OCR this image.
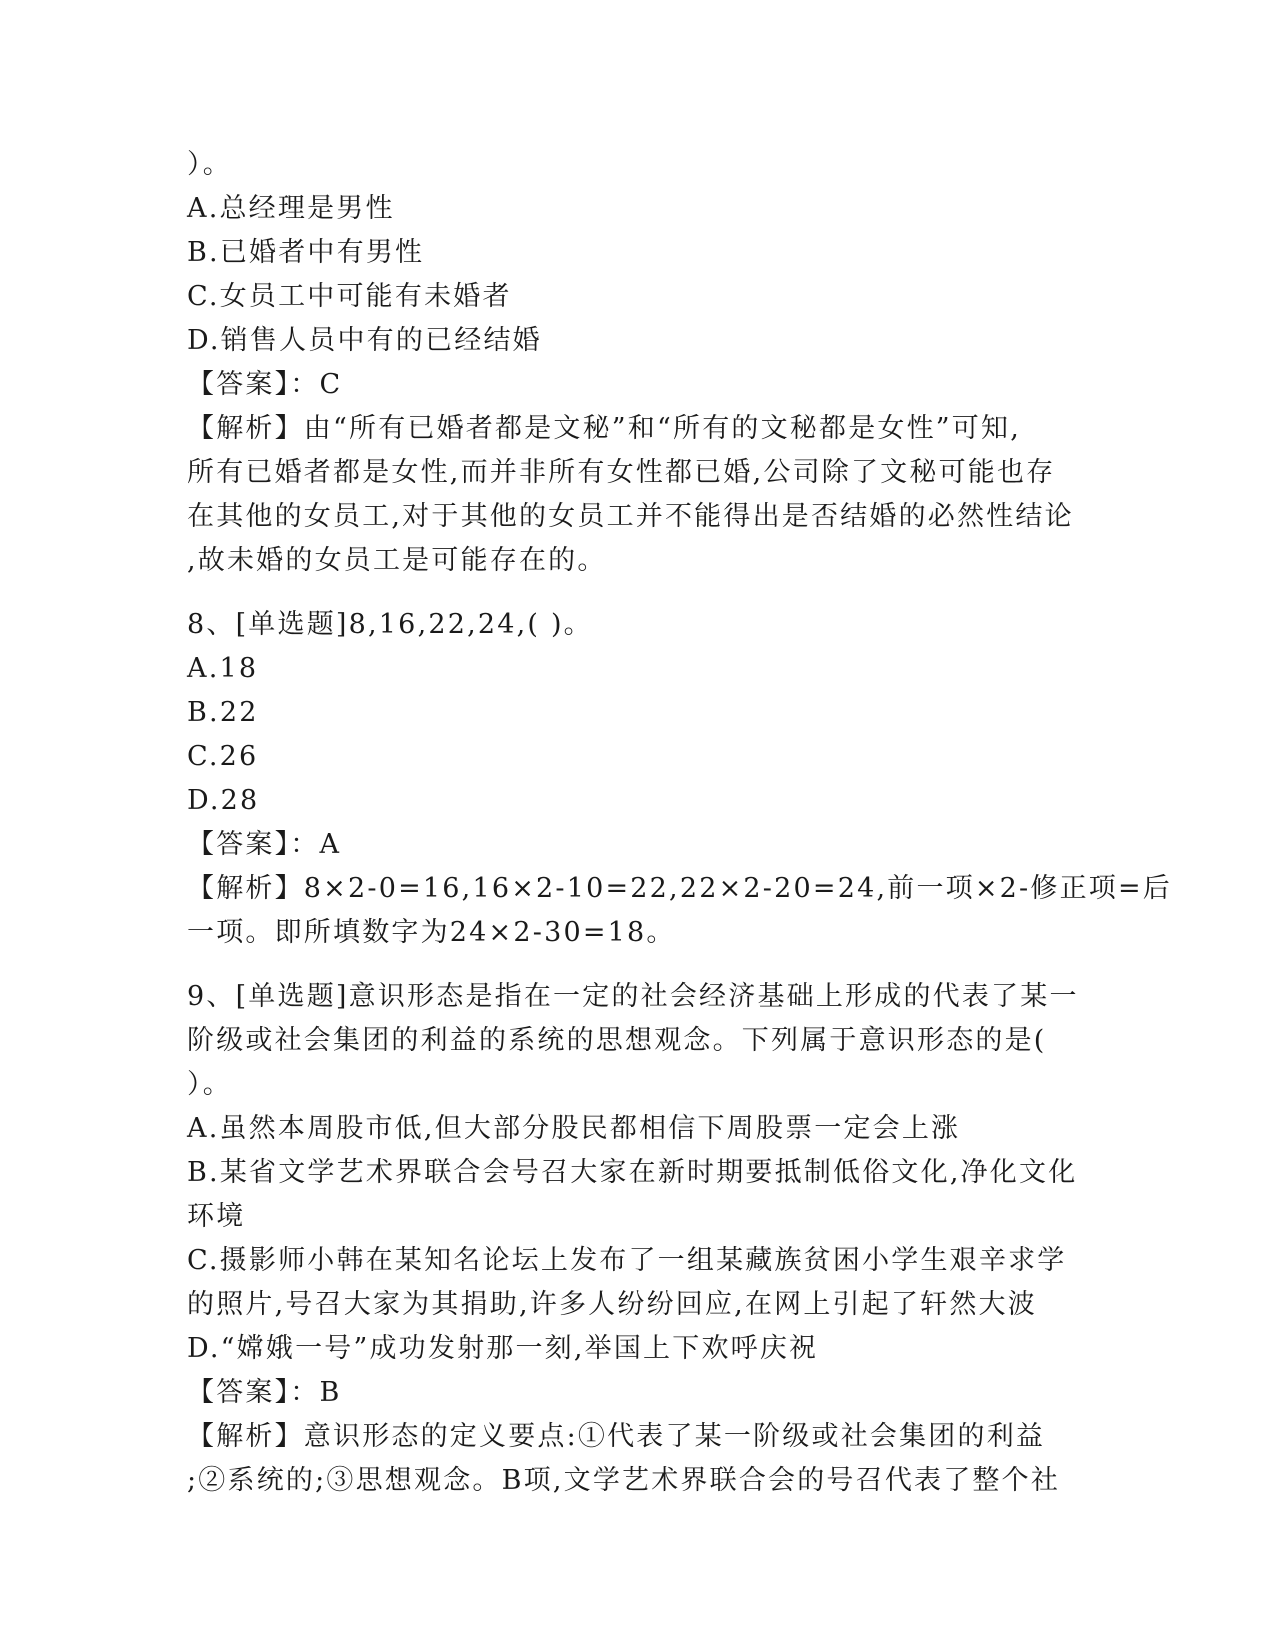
）。
A.总经理是男性
B.已婚者中有男性
C.女员工中可能有未婚者
D.销售人员中有的已经结婚
【答案】：C
【解析】由“所有已婚者都是文秘”和“所有的文秘都是女性”可知,
所有已婚者都是女性,而并非所有女性都已婚,公司除了文秘可能也存
在其他的女员工,对于其他的女员工并不能得出是否结婚的必然性结论
,故未婚的女员工是可能存在的。
8、[单选题]8,16,22,24,( )。
A.18
B.22
C.26
D.28
【答案】：A
【解析】8×2-0=16,16×2-10=22,22×2-20=24,前一项×2-修正项=后
一项。即所填数字为24×2-30=18。
9、[单选题]意识形态是指在一定的社会经济基础上形成的代表了某一
阶级或社会集团的利益的系统的思想观念。下列属于意识形态的是(
）。
A.虽然本周股市低,但大部分股民都相信下周股票一定会上涨
B.某省文学艺术界联合会号召大家在新时期要抵制低俗文化,净化文化
环境
C.摄影师小韩在某知名论坛上发布了一组某藏族贫困小学生艰辛求学
的照片,号召大家为其捐助,许多人纷纷回应,在网上引起了轩然大波
D.“嫦娥一号”成功发射那一刻,举国上下欢呼庆祝
【答案】：B
【解析】意识形态的定义要点:①代表了某一阶级或社会集团的利益
;②系统的;③思想观念。B项,文学艺术界联合会的号召代表了整个社
